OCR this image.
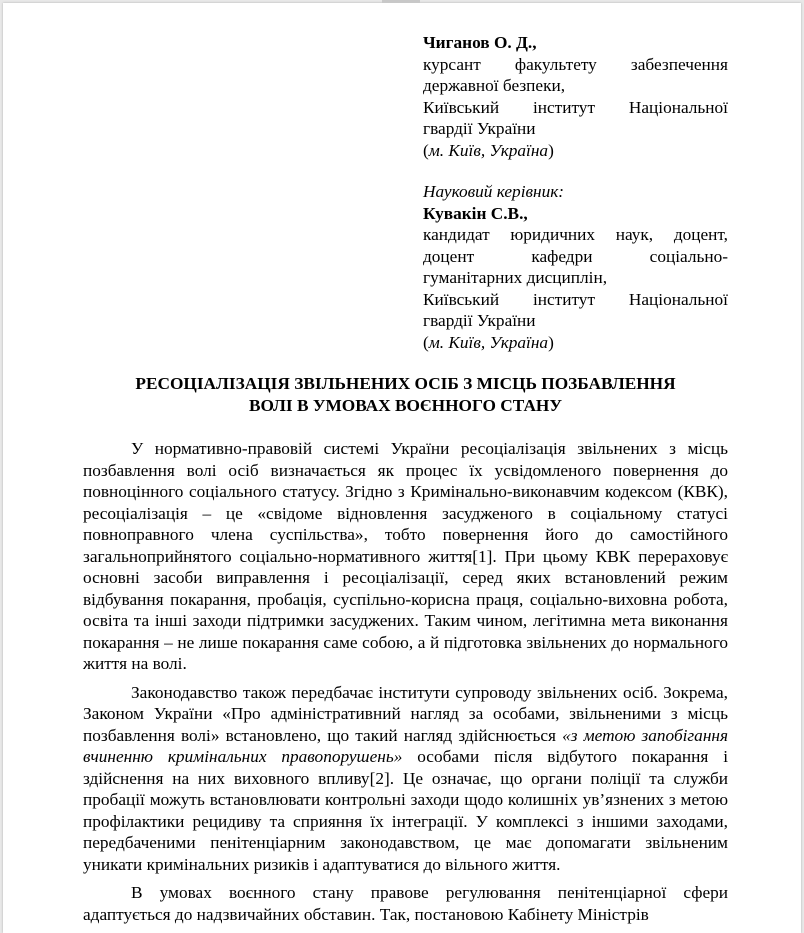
Чиганов О. Д.,
курсант факультету забезпечення
державної безпеки,
Київський інститут Національної
гвардії України
(м. Київ, Україна)
Науковий керівник:
Кувакін С.В.,
кандидат юридичних наук, доцент,
доцент кафедри соціально-
гуманітарних дисциплін,
Київський інститут Національної
гвардії України
(м. Київ, Україна)
РЕСОЦІАЛІЗАЦІЯ ЗВІЛЬНЕНИХ ОСІБ З МІСЦЬ ПОЗБАВЛЕННЯ
ВОЛІ В УМОВАХ ВОЄННОГО СТАНУ

У нормативно-правовій системі України ресоціалізація звільнених з місць позбавлення волі осіб визначається як процес їх усвідомленого повернення до повноцінного соціального статусу. Згідно з Кримінально-виконавчим кодексом (КВК), ресоціалізація – це «свідоме відновлення засудженого в соціальному статусі повноправного члена суспільства», тобто повернення його до самостійного загальноприйнятого соціально-нормативного життя[1]. При цьому КВК перераховує основні засоби виправлення і ресоціалізації, серед яких встановлений режим відбування покарання, пробація, суспільно-корисна праця, соціально-виховна робота, освіта та інші заходи підтримки засуджених. Таким чином, легітимна мета виконання покарання – не лише покарання саме собою, а й підготовка звільнених до нормального життя на волі.

Законодавство також передбачає інститути супроводу звільнених осіб. Зокрема, Законом України «Про адміністративний нагляд за особами, звільненими з місць позбавлення волі» встановлено, що такий нагляд здійснюється «з метою запобігання вчиненню кримінальних правопорушень» особами після відбутого покарання і здійснення на них виховного впливу[2]. Це означає, що органи поліції та служби пробації можуть встановлювати контрольні заходи щодо колишніх ув’язнених з метою профілактики рецидиву та сприяння їх інтеграції. У комплексі з іншими заходами, передбаченими пенітенціарним законодавством, це має допомагати звільненим уникати кримінальних ризиків і адаптуватися до вільного життя.

В умовах воєнного стану правове регулювання пенітенціарної сфери адаптується до надзвичайних обставин. Так, постановою Кабінету Міністрів
